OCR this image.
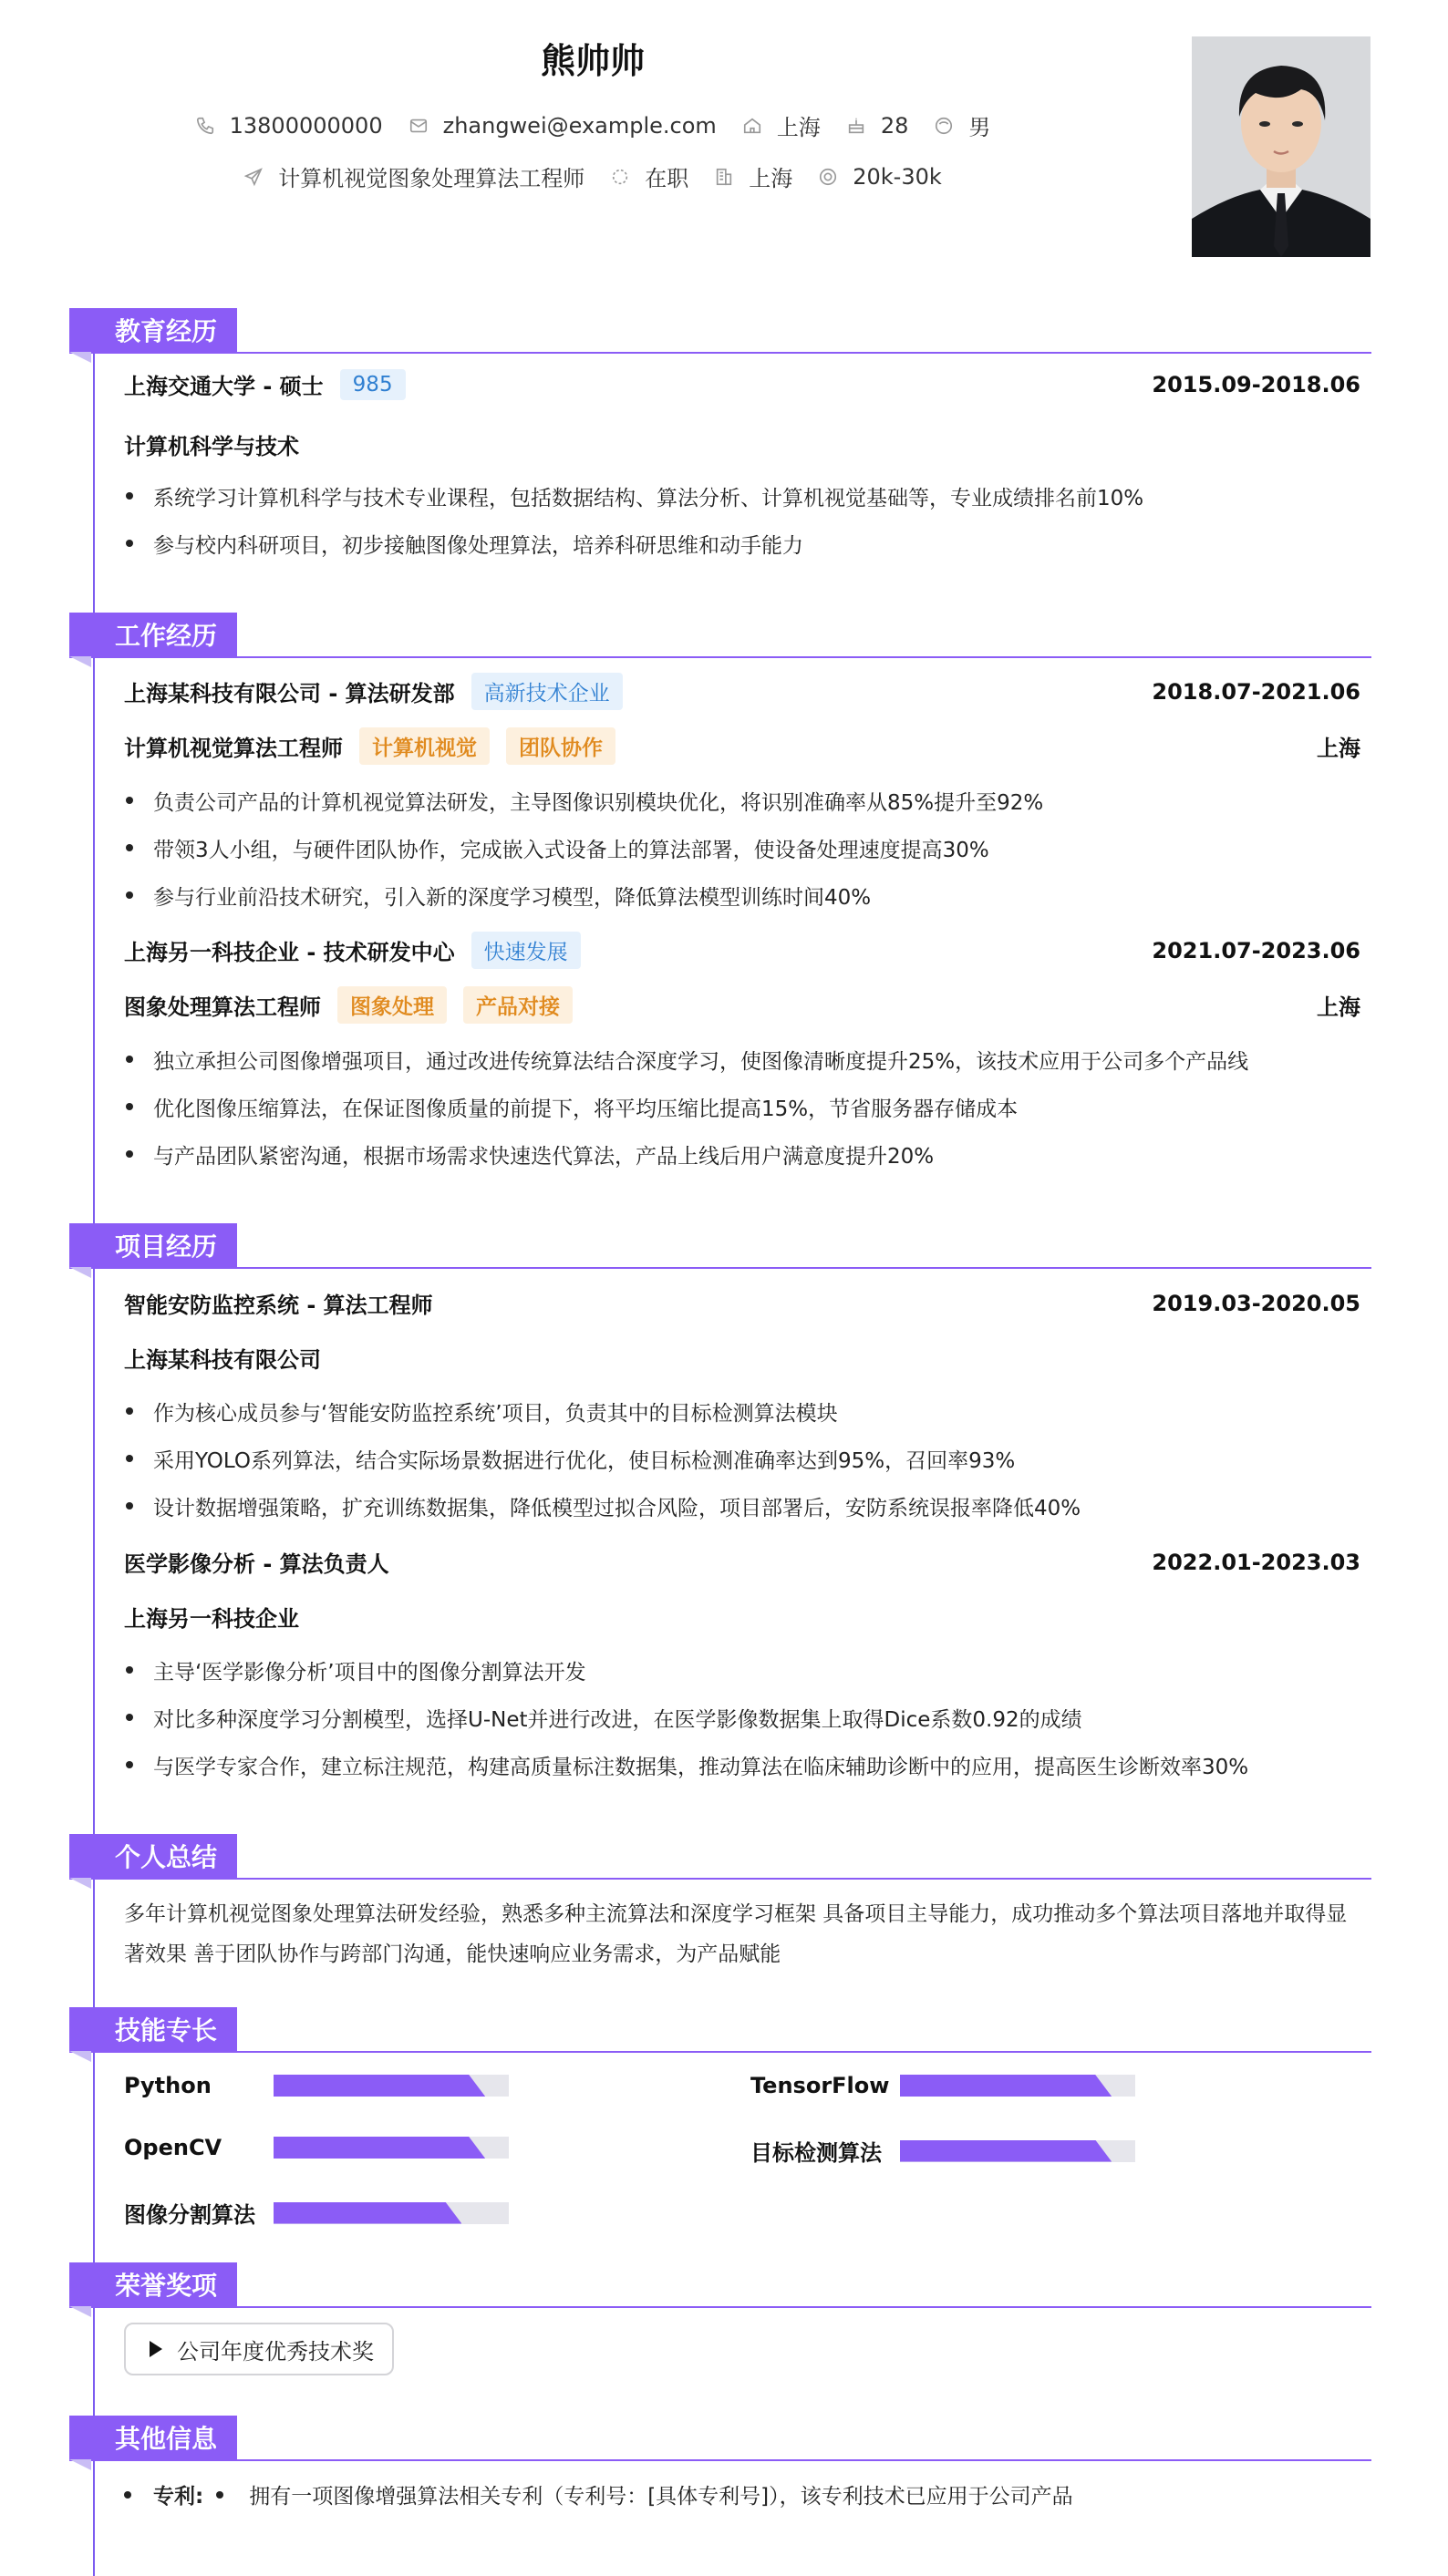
熊帅帅
13800000000	zhangwei@example.com	上海	28	男
计算机视觉图象处理算法工程师	在职	上海	20k-30k
教育经历
上海交通大学 - 硕士	985	2015.09-2018.06
计算机科学与技术
系统学习计算机科学与技术专业课程，包括数据结构、算法分析、计算机视觉基础等，专业成绩排名前10%
参与校内科研项目，初步接触图像处理算法，培养科研思维和动手能力
工作经历
上海某科技有限公司 - 算法研发部	高新技术企业	2018.07-2021.06
计算机视觉算法工程师	计算机视觉	团队协作	上海
负责公司产品的计算机视觉算法研发，主导图像识别模块优化，将识别准确率从85%提升至92%
带领3人小组，与硬件团队协作，完成嵌入式设备上的算法部署，使设备处理速度提高30%
参与行业前沿技术研究，引入新的深度学习模型，降低算法模型训练时间40%
上海另一科技企业 - 技术研发中心	快速发展	2021.07-2023.06
图象处理算法工程师	图象处理	产品对接	上海
独立承担公司图像增强项目，通过改进传统算法结合深度学习，使图像清晰度提升25%，该技术应用于公司多个产品线
优化图像压缩算法，在保证图像质量的前提下，将平均压缩比提高15%，节省服务器存储成本
与产品团队紧密沟通，根据市场需求快速迭代算法，产品上线后用户满意度提升20%
项目经历
智能安防监控系统 - 算法工程师	2019.03-2020.05
上海某科技有限公司
作为核心成员参与‘智能安防监控系统’项目，负责其中的目标检测算法模块
采用YOLO系列算法，结合实际场景数据进行优化，使目标检测准确率达到95%，召回率93%
设计数据增强策略，扩充训练数据集，降低模型过拟合风险，项目部署后，安防系统误报率降低40%
医学影像分析 - 算法负责人	2022.01-2023.03
上海另一科技企业
主导‘医学影像分析’项目中的图像分割算法开发
对比多种深度学习分割模型，选择U-Net并进行改进，在医学影像数据集上取得Dice系数0.92的成绩
与医学专家合作，建立标注规范，构建高质量标注数据集，推动算法在临床辅助诊断中的应用，提高医生诊断效率30%
个人总结
多年计算机视觉图象处理算法研发经验，熟悉多种主流算法和深度学习框架 具备项目主导能力，成功推动多个算法项目落地并取得显著效果 善于团队协作与跨部门沟通，能快速响应业务需求，为产品赋能
技能专长
Python	TensorFlow
OpenCV	目标检测算法
图像分割算法
荣誉奖项
公司年度优秀技术奖
其他信息
专利: 拥有一项图像增强算法相关专利（专利号：[具体专利号]），该专利技术已应用于公司产品
